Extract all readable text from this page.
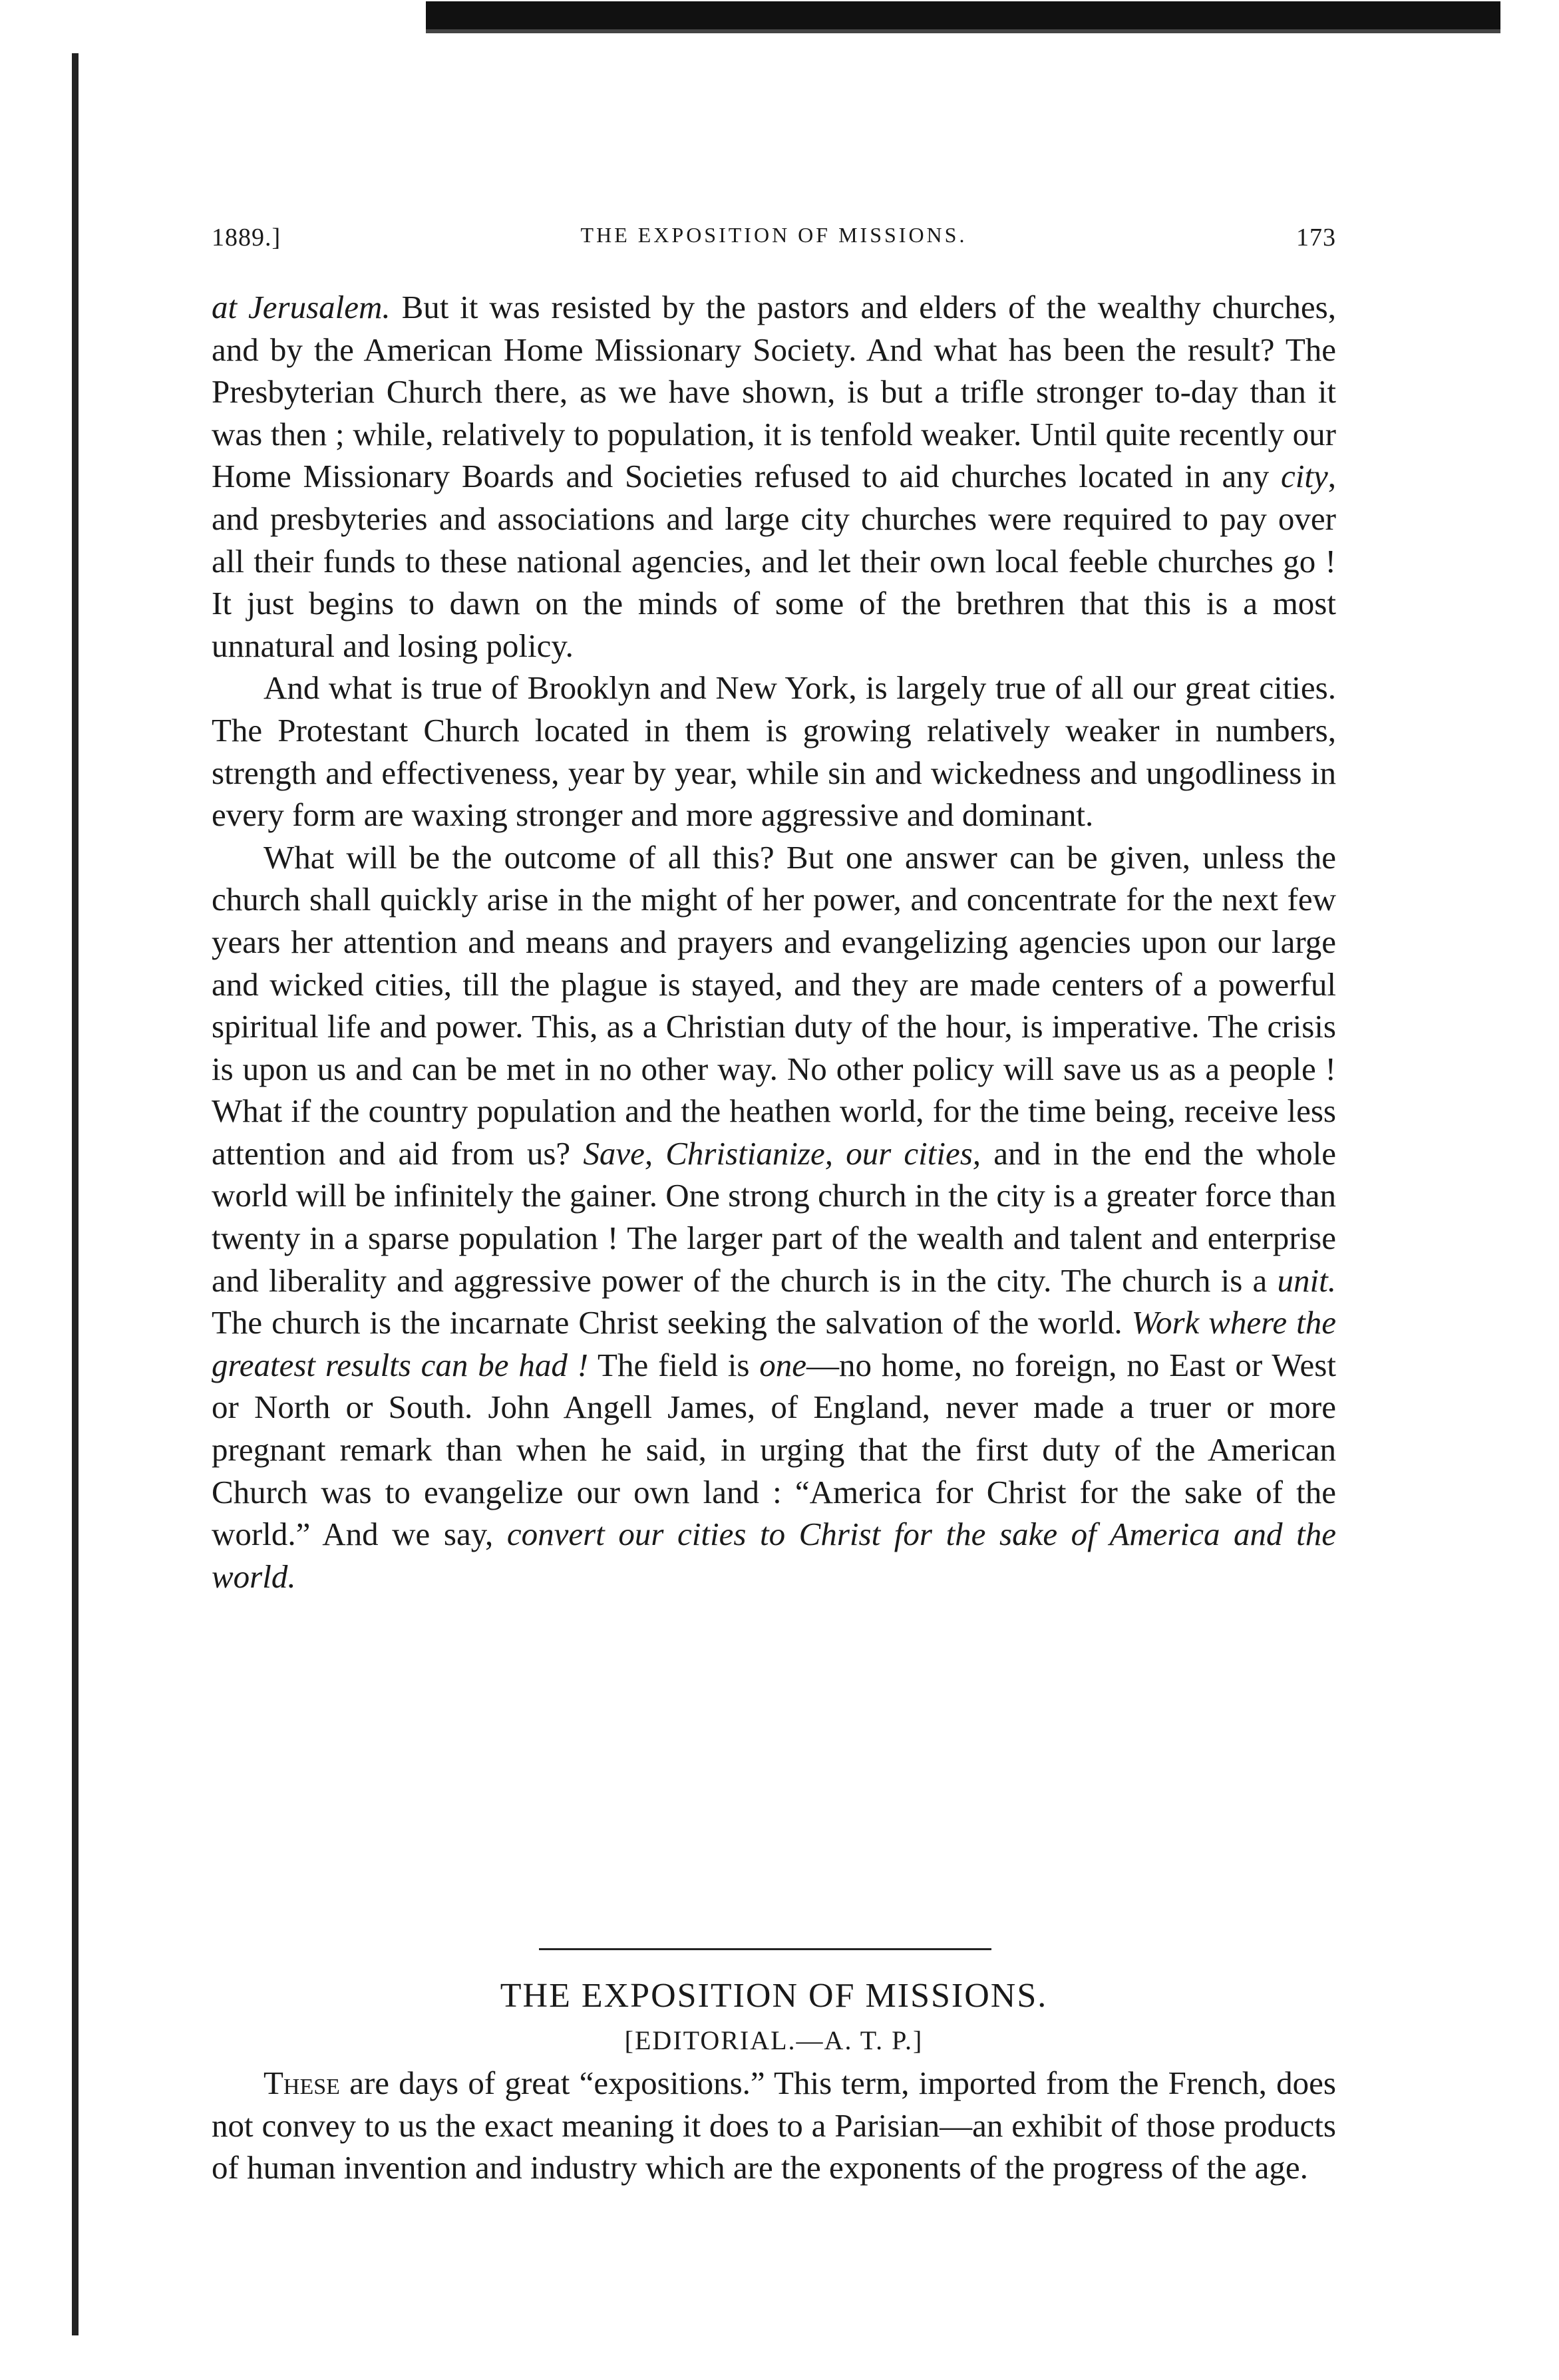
1889.]	THE EXPOSITION OF MISSIONS.	173

at Jerusalem. But it was resisted by the pastors and elders of the wealthy churches, and by the American Home Missionary Society. And what has been the result? The Presbyterian Church there, as we have shown, is but a trifle stronger to-day than it was then ; while, relatively to population, it is tenfold weaker. Until quite recently our Home Missionary Boards and Societies refused to aid churches located in any city, and presbyteries and associations and large city churches were required to pay over all their funds to these national agencies, and let their own local feeble churches go ! It just begins to dawn on the minds of some of the brethren that this is a most unnatural and losing policy.

And what is true of Brooklyn and New York, is largely true of all our great cities. The Protestant Church located in them is growing relatively weaker in numbers, strength and effectiveness, year by year, while sin and wickedness and ungodliness in every form are waxing stronger and more aggressive and dominant.

What will be the outcome of all this? But one answer can be given, unless the church shall quickly arise in the might of her power, and concentrate for the next few years her attention and means and prayers and evangelizing agencies upon our large and wicked cities, till the plague is stayed, and they are made centers of a powerful spiritual life and power. This, as a Christian duty of the hour, is imperative. The crisis is upon us and can be met in no other way. No other policy will save us as a people ! What if the country population and the heathen world, for the time being, receive less attention and aid from us? Save, Christianize, our cities, and in the end the whole world will be infinitely the gainer. One strong church in the city is a greater force than twenty in a sparse population ! The larger part of the wealth and talent and enterprise and liberality and aggressive power of the church is in the city. The church is a unit. The church is the incarnate Christ seeking the salvation of the world. Work where the greatest results can be had ! The field is one—no home, no foreign, no East or West or North or South. John Angell James, of England, never made a truer or more pregnant remark than when he said, in urging that the first duty of the American Church was to evangelize our own land : “America for Christ for the sake of the world.” And we say, convert our cities to Christ for the sake of America and the world.

THE EXPOSITION OF MISSIONS.
[EDITORIAL.—A. T. P.]

These are days of great “expositions.” This term, imported from the French, does not convey to us the exact meaning it does to a Parisian—an exhibit of those products of human invention and industry which are the exponents of the progress of the age.
